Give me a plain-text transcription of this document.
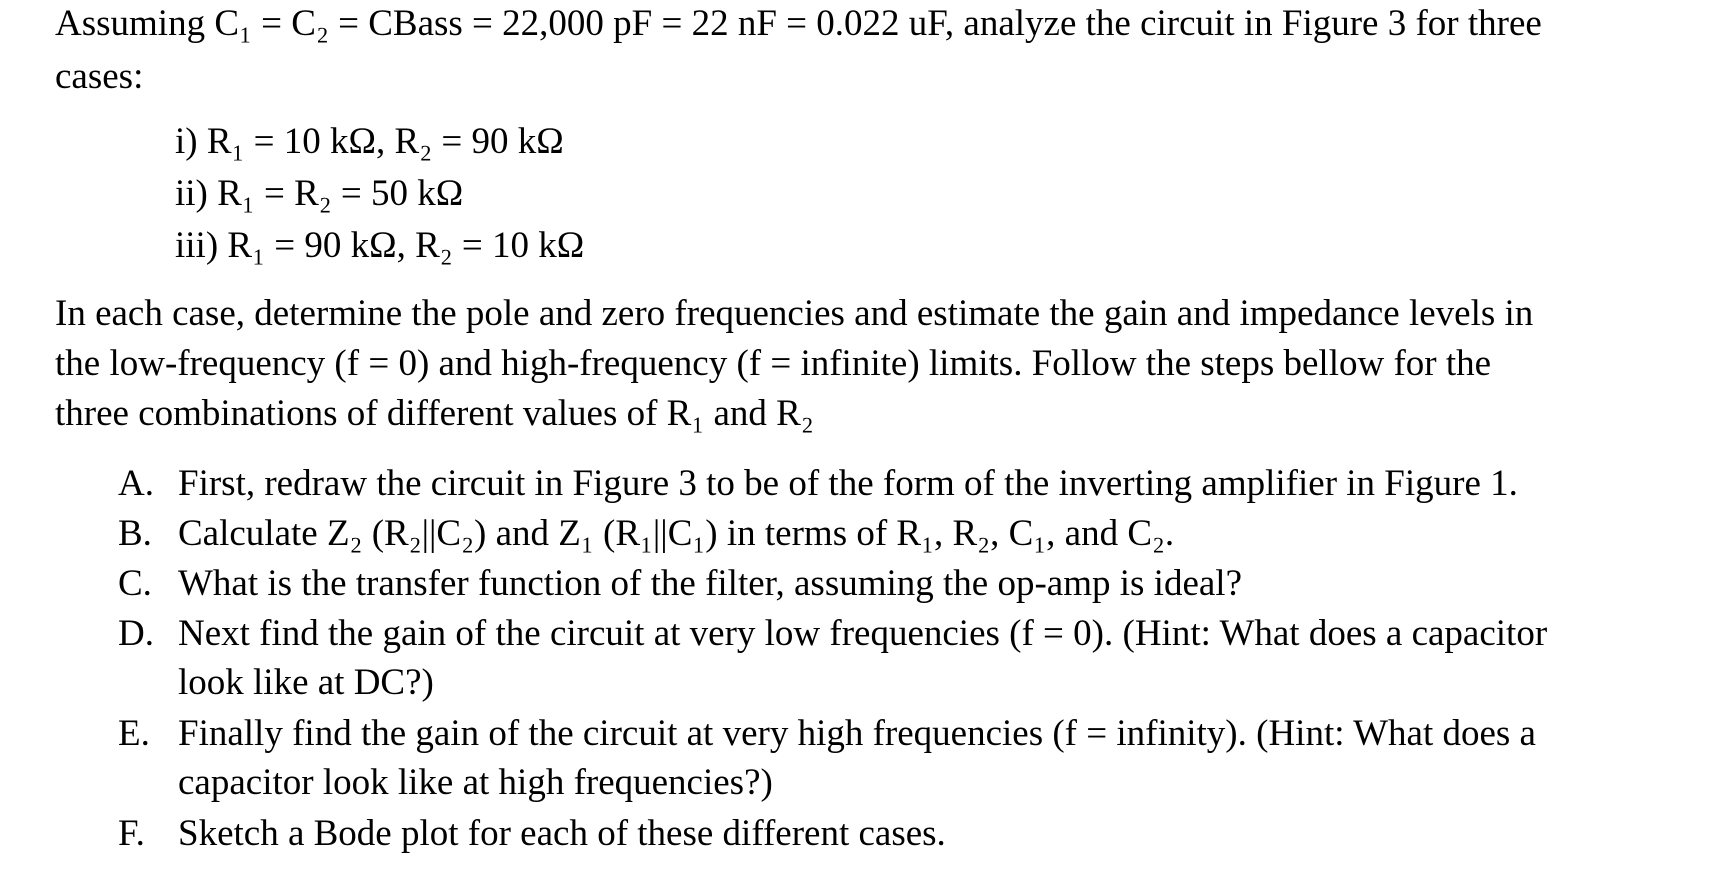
Assuming C₁ = C₂ = CBass = 22,000 pF = 22 nF = 0.022 uF, analyze the circuit in Figure 3 for three
cases:
i) R₁ = 10 kΩ, R₂ = 90 kΩ
ii) R₁ = R₂ = 50 kΩ
iii) R₁ = 90 kΩ, R₂ = 10 kΩ
In each case, determine the pole and zero frequencies and estimate the gain and impedance levels in
the low-frequency (f = 0) and high-frequency (f = infinite) limits. Follow the steps bellow for the
three combinations of different values of R₁ and R₂
A. First, redraw the circuit in Figure 3 to be of the form of the inverting amplifier in Figure 1.
B. Calculate Z₂ (R₂||C₂) and Z₁ (R₁||C₁) in terms of R₁, R₂, C₁, and C₂.
C. What is the transfer function of the filter, assuming the op-amp is ideal?
D. Next find the gain of the circuit at very low frequencies (f = 0). (Hint: What does a capacitor
look like at DC?)
E. Finally find the gain of the circuit at very high frequencies (f = infinity). (Hint: What does a
capacitor look like at high frequencies?)
F. Sketch a Bode plot for each of these different cases.
